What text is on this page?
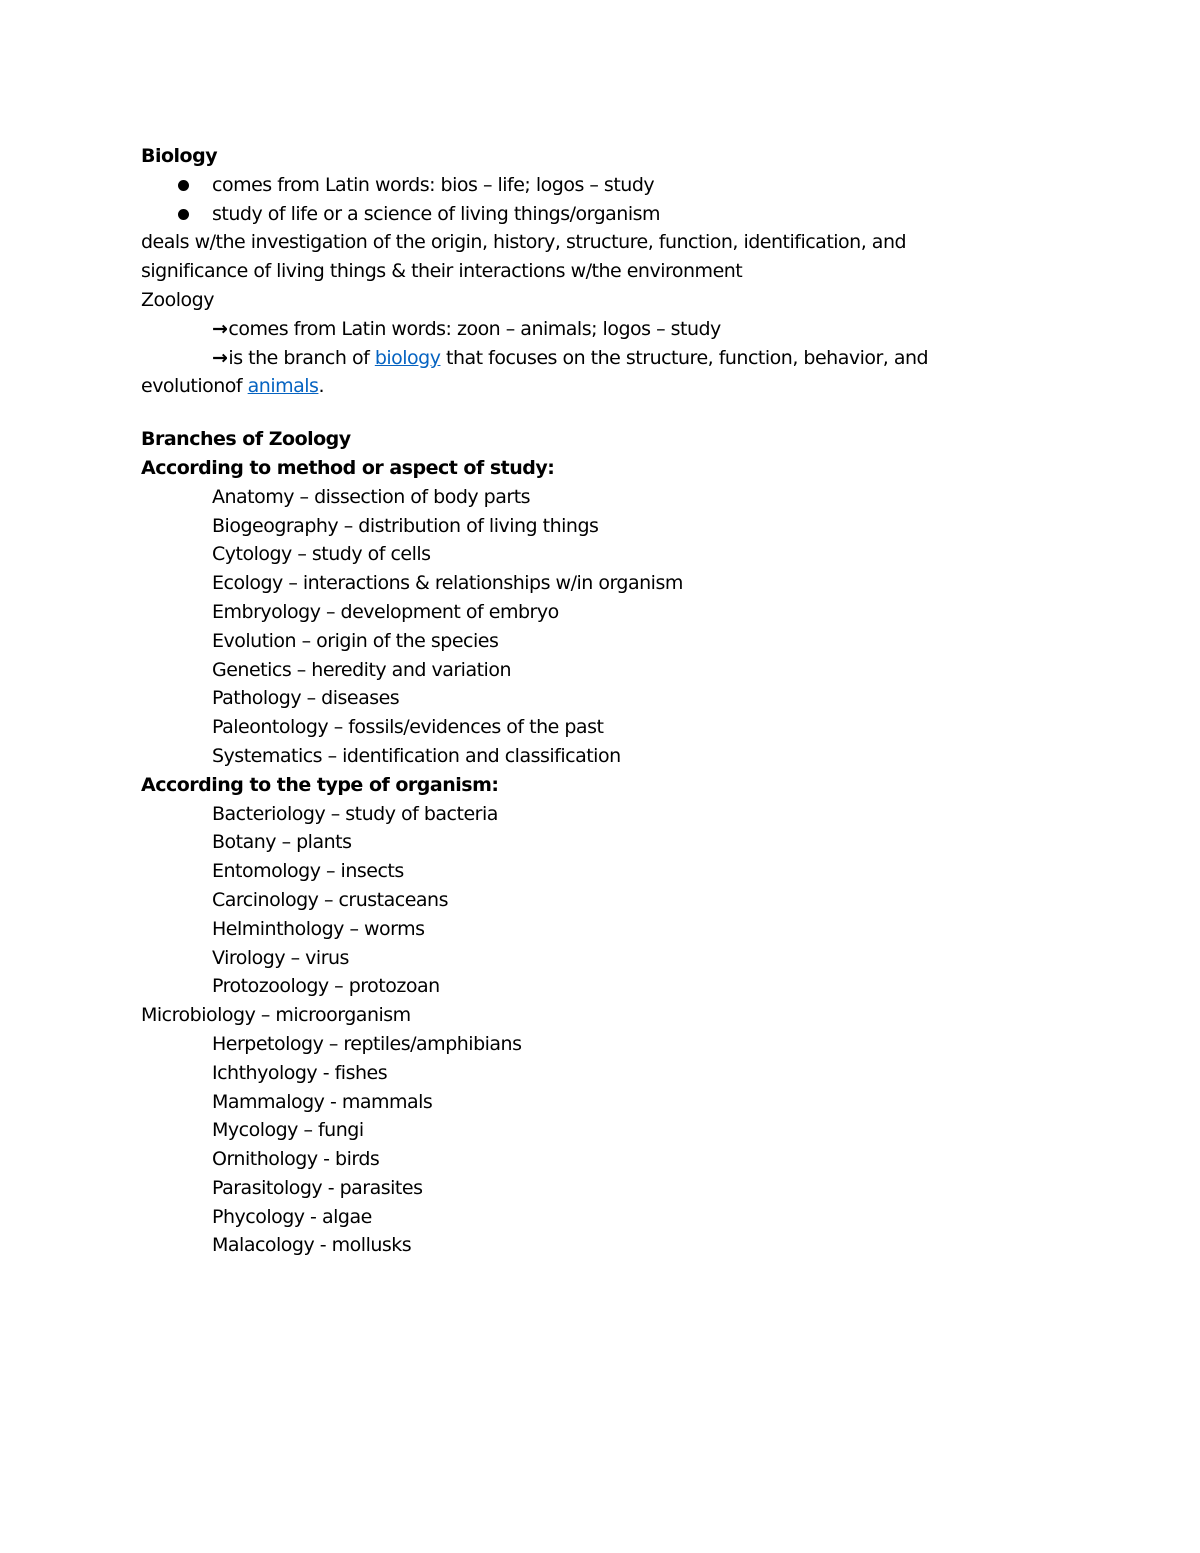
Biology
comes from Latin words: bios – life; logos – study
study of life or a science of living things/organism
deals w/the investigation of the origin, history, structure, function, identification, and
significance of living things & their interactions w/the environment
Zoology
→comes from Latin words: zoon – animals; logos – study
→is the branch of biology that focuses on the structure, function, behavior, and
evolutionof animals.
Branches of Zoology
According to method or aspect of study:
Anatomy – dissection of body parts
Biogeography – distribution of living things
Cytology – study of cells
Ecology – interactions & relationships w/in organism
Embryology – development of embryo
Evolution – origin of the species
Genetics – heredity and variation
Pathology – diseases
Paleontology – fossils/evidences of the past
Systematics – identification and classification
According to the type of organism:
Bacteriology – study of bacteria
Botany – plants
Entomology – insects
Carcinology – crustaceans
Helminthology – worms
Virology – virus
Protozoology – protozoan
Microbiology – microorganism
Herpetology – reptiles/amphibians
Ichthyology - fishes
Mammalogy - mammals
Mycology – fungi
Ornithology - birds
Parasitology - parasites
Phycology - algae
Malacology - mollusks
